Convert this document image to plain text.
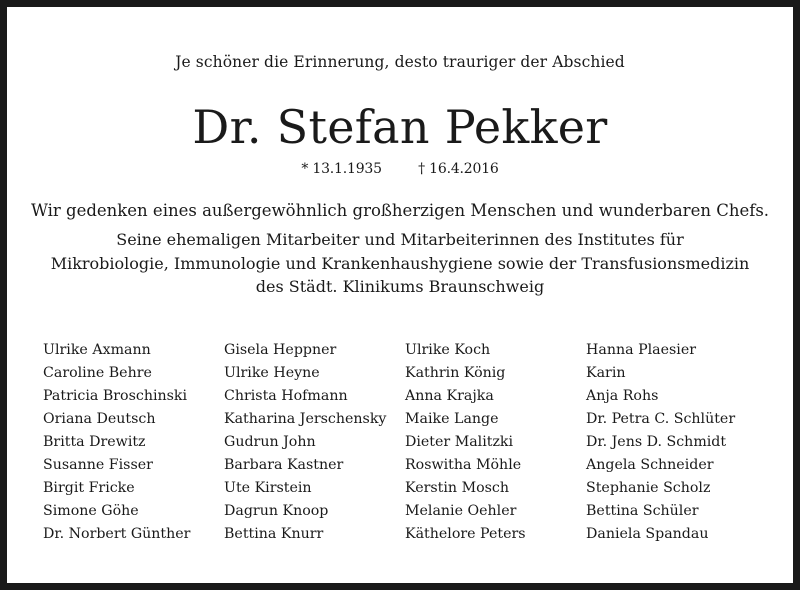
Je schöner die Erinnerung, desto trauriger der Abschied
Dr. Stefan Pekker
* 13.1.1935	† 16.4.2016
Wir gedenken eines außergewöhnlich großherzigen Menschen und wunderbaren Chefs.
Seine ehemaligen Mitarbeiter und Mitarbeiterinnen des Institutes für
Mikrobiologie, Immunologie und Krankenhaushygiene sowie der Transfusionsmedizin
des Städt. Klinikums Braunschweig
Ulrike Axmann
Caroline Behre
Patricia Broschinski
Oriana Deutsch
Britta Drewitz
Susanne Fisser
Birgit Fricke
Simone Göhe
Dr. Norbert Günther
Gisela Heppner
Ulrike Heyne
Christa Hofmann
Katharina Jerschensky
Gudrun John
Barbara Kastner
Ute Kirstein
Dagrun Knoop
Bettina Knurr
Ulrike Koch
Kathrin König
Anna Krajka
Maike Lange
Dieter Malitzki
Roswitha Möhle
Kerstin Mosch
Melanie Oehler
Käthelore Peters
Hanna Plaesier
Karin
Anja Rohs
Dr. Petra C. Schlüter
Dr. Jens D. Schmidt
Angela Schneider
Stephanie Scholz
Bettina Schüler
Daniela Spandau
